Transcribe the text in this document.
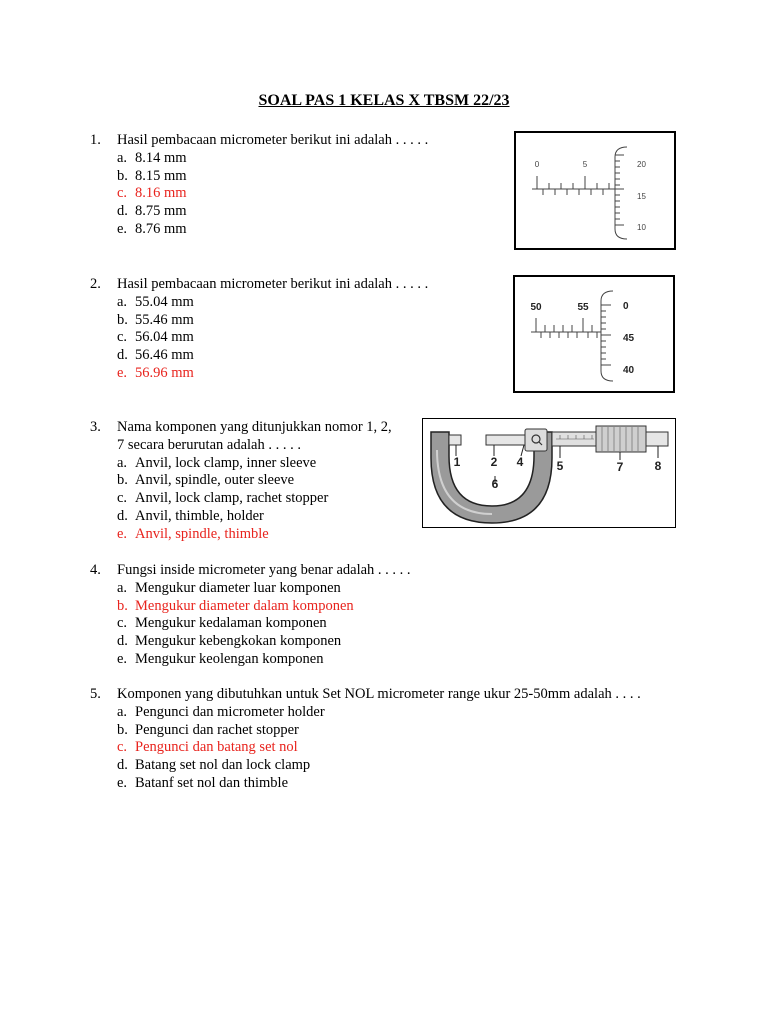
SOAL PAS 1 KELAS X TBSM 22/23
1. Hasil pembacaan micrometer berikut ini adalah . . . . .
a. 8.14 mm
b. 8.15 mm
c. 8.16 mm
d. 8.75 mm
e. 8.76 mm
0	5	20
15
10
2. Hasil pembacaan micrometer berikut ini adalah . . . . .
a. 55.04 mm
b. 55.46 mm
c. 56.04 mm
d. 56.46 mm
e. 56.96 mm
50	55	0
45
40
3. Nama komponen yang ditunjukkan nomor 1, 2,
7 secara berurutan adalah . . . . .
a. Anvil, lock clamp, inner sleeve
b. Anvil, spindle, outer sleeve
c. Anvil, lock clamp, rachet stopper
d. Anvil, thimble, holder
e. Anvil, spindle, thimble
1	2 4	5	7	8
6
4. Fungsi inside micrometer yang benar adalah . . . . .
a. Mengukur diameter luar komponen
b. Mengukur diameter dalam komponen
c. Mengukur kedalaman komponen
d. Mengukur kebengkokan komponen
e. Mengukur keolengan komponen
5. Komponen yang dibutuhkan untuk Set NOL micrometer range ukur 25-50mm adalah . . . .
a. Pengunci dan micrometer holder
b. Pengunci dan rachet stopper
c. Pengunci dan batang set nol
d. Batang set nol dan lock clamp
e. Batanf set nol dan thimble
